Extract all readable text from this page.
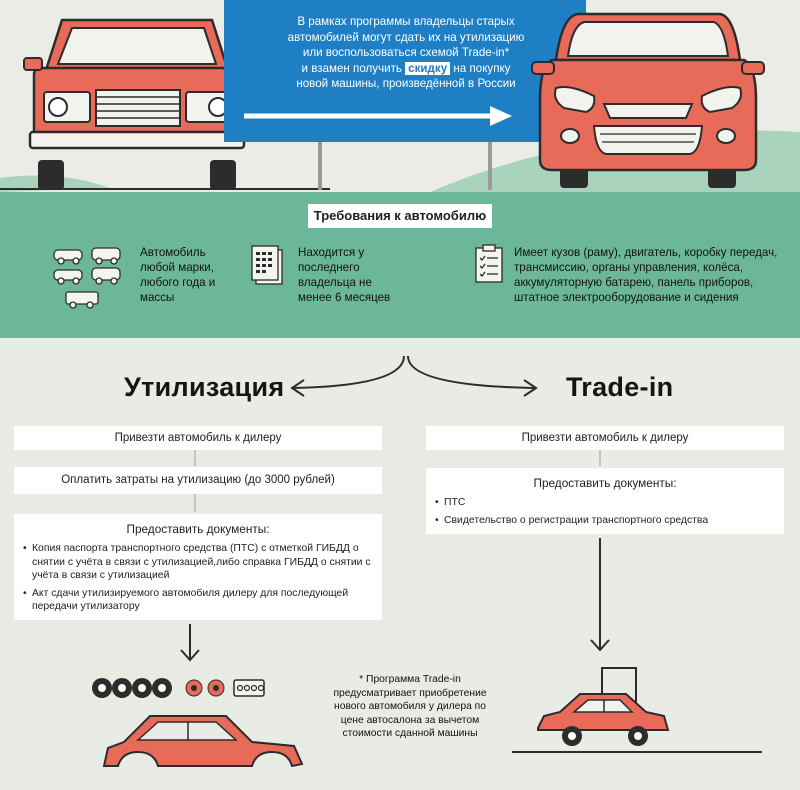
В рамках программы владельцы старых
автомобилей могут сдать их на утилизацию
или воспользоваться схемой Trade-in*
и взамен получить скидку на покупку
новой машины, произведённой в России
Требования к автомобилю
Автомобиль любой марки, любого года и массы
Находится у последнего владельца не менее 6 месяцев
Имеет кузов (раму), двигатель, коробку передач, трансмиссию, органы управления, колёса, аккумуляторную батарею, панель приборов, штатное электрооборудование и сидения
Утилизация	Trade-in
Привезти автомобиль к дилеру
Оплатить затраты на утилизацию (до 3000 рублей)

Предоставить документы:

• Копия паспорта транспортного средства (ПТС) с отметкой ГИБДД о снятии с учёта в связи с утилизацией,либо справка ГИБДД о снятии с учёта в связи с утилизацией
• Акт сдачи утилизируемого автомобиля дилеру для последующей передачи утилизатору
Привезти автомобиль к дилеру

Предоставить документы:

• ПТС
• Свидетельство о регистрации транспортного средства
* Программа Trade-in предусматривает приобретение нового автомобиля у дилера по цене автосалона за вычетом стоимости сданной машины
